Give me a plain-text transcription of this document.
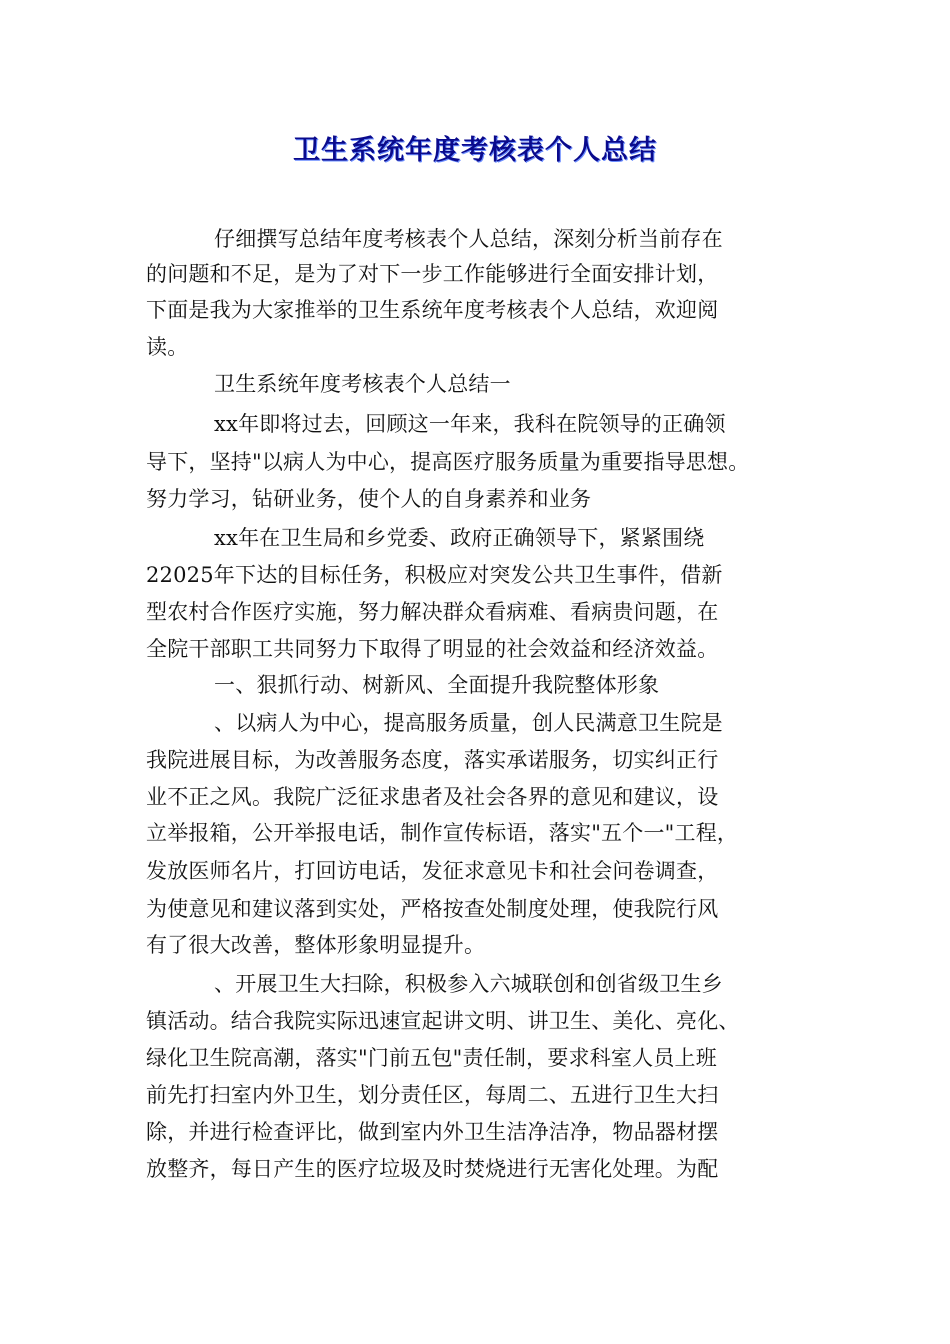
卫生系统年度考核表个人总结
仔细撰写总结年度考核表个人总结，深刻分析当前存在
的问题和不足，是为了对下一步工作能够进行全面安排计划，
下面是我为大家推举的卫生系统年度考核表个人总结，欢迎阅
读。
卫生系统年度考核表个人总结一
xx年即将过去，回顾这一年来，我科在院领导的正确领
导下，坚持"以病人为中心，提高医疗服务质量为重要指导思想。
努力学习，钻研业务，使个人的自身素养和业务
xx年在卫生局和乡党委、政府正确领导下，紧紧围绕
22025年下达的目标任务，积极应对突发公共卫生事件，借新
型农村合作医疗实施，努力解决群众看病难、看病贵问题，在
全院干部职工共同努力下取得了明显的社会效益和经济效益。
一、狠抓行动、树新风、全面提升我院整体形象
、以病人为中心，提高服务质量，创人民满意卫生院是
我院进展目标，为改善服务态度，落实承诺服务，切实纠正行
业不正之风。我院广泛征求患者及社会各界的意见和建议，设
立举报箱，公开举报电话，制作宣传标语，落实"五个一"工程，
发放医师名片，打回访电话，发征求意见卡和社会问卷调查，
为使意见和建议落到实处，严格按查处制度处理，使我院行风
有了很大改善，整体形象明显提升。
、开展卫生大扫除，积极参入六城联创和创省级卫生乡
镇活动。结合我院实际迅速宣起讲文明、讲卫生、美化、亮化、
绿化卫生院高潮，落实"门前五包"责任制，要求科室人员上班
前先打扫室内外卫生，划分责任区，每周二、五进行卫生大扫
除，并进行检查评比，做到室内外卫生洁净洁净，物品器材摆
放整齐，每日产生的医疗垃圾及时焚烧进行无害化处理。为配
